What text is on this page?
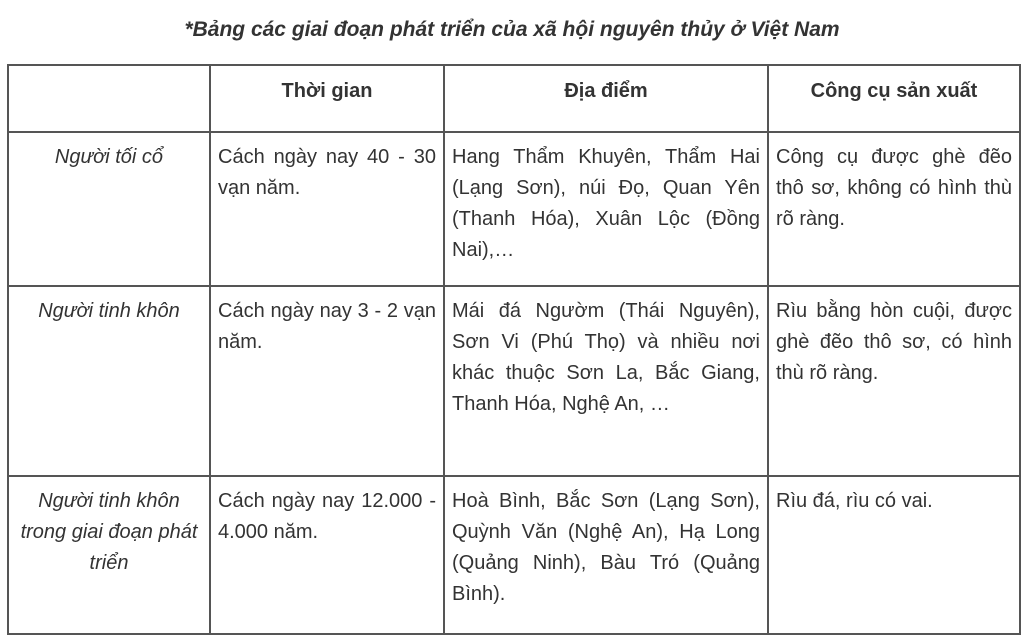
*Bảng các giai đoạn phát triển của xã hội nguyên thủy ở Việt Nam
	Thời gian	Địa điểm	Công cụ sản xuất
Người tối cổ	Cách ngày nay 40 - 30 vạn năm.	Hang Thẩm Khuyên, Thẩm Hai (Lạng Sơn), núi Đọ, Quan Yên (Thanh Hóa), Xuân Lộc (Đồng Nai),…	Công cụ được ghè đẽo thô sơ, không có hình thù rõ ràng.
Người tinh khôn	Cách ngày nay 3 - 2 vạn năm.	Mái đá Ngườm (Thái Nguyên), Sơn Vi (Phú Thọ) và nhiều nơi khác thuộc Sơn La, Bắc Giang, Thanh Hóa, Nghệ An, …	Rìu bằng hòn cuội, được ghè đẽo thô sơ, có hình thù rõ ràng.
Người tinh khôn trong giai đoạn phát triển	Cách ngày nay 12.000 - 4.000 năm.	Hoà Bình, Bắc Sơn (Lạng Sơn), Quỳnh Văn (Nghệ An), Hạ Long (Quảng Ninh), Bàu Tró (Quảng Bình).	Rìu đá, rìu có vai.
